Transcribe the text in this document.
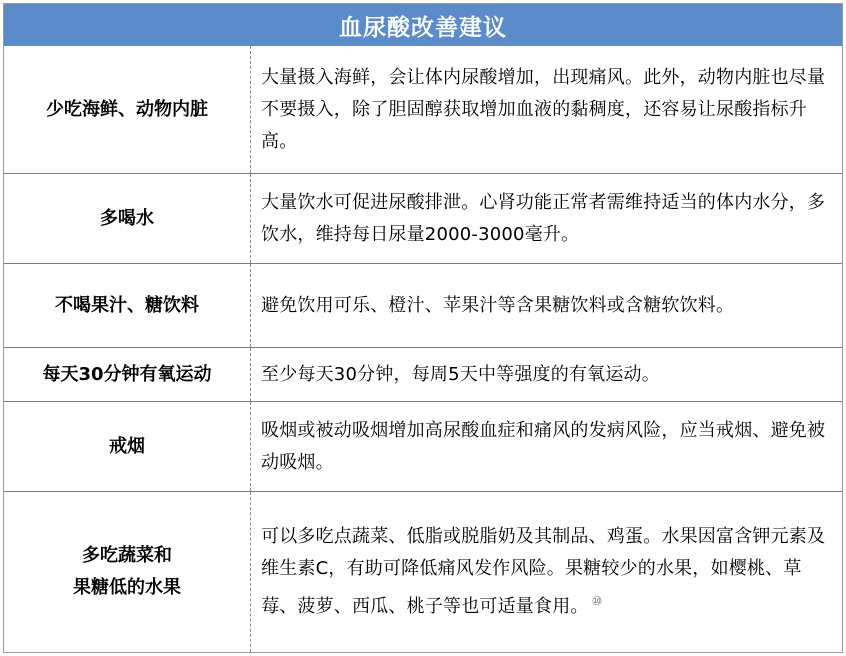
血尿酸改善建议
少吃海鲜、动物内脏
大量摄入海鲜，会让体内尿酸增加，出现痛风。此外，动物内脏也尽量不要摄入，除了胆固醇获取增加血液的黏稠度，还容易让尿酸指标升高。
多喝水
大量饮水可促进尿酸排泄。心肾功能正常者需维持适当的体内水分，多饮水，维持每日尿量2000-3000毫升。
不喝果汁、糖饮料	避免饮用可乐、橙汁、苹果汁等含果糖饮料或含糖软饮料。
每天30分钟有氧运动	至少每天30分钟，每周5天中等强度的有氧运动。
戒烟
吸烟或被动吸烟增加高尿酸血症和痛风的发病风险，应当戒烟、避免被动吸烟。
多吃蔬菜和
果糖低的水果
可以多吃点蔬菜、低脂或脱脂奶及其制品、鸡蛋。水果因富含钾元素及维生素C，有助可降低痛风发作风险。果糖较少的水果，如樱桃、草莓、菠萝、西瓜、桃子等也可适量食用。 ⑩
